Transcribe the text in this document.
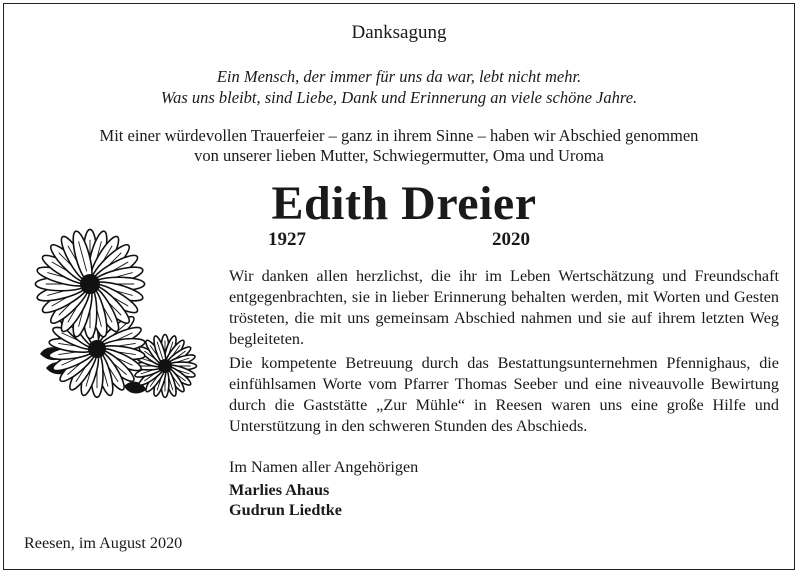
Danksagung
Ein Mensch, der immer für uns da war, lebt nicht mehr.
Was uns bleibt, sind Liebe, Dank und Erinnerung an viele schöne Jahre.
Mit einer würdevollen Trauerfeier – ganz in ihrem Sinne – haben wir Abschied genommen
von unserer lieben Mutter, Schwiegermutter, Oma und Uroma
Edith Dreier
1927	2020

Wir danken allen herzlichst, die ihr im Leben Wertschätzung und Freundschaft entgegenbrachten, sie in lieber Erinnerung behalten werden, mit Worten und Gesten trösteten, die mit uns gemeinsam Abschied nahmen und sie auf ihrem letzten Weg begleiteten.

Die kompetente Betreuung durch das Bestattungsunternehmen Pfennighaus, die einfühlsamen Worte vom Pfarrer Thomas Seeber und eine niveauvolle Bewirtung durch die Gaststätte „Zur Mühle“ in Reesen waren uns eine große Hilfe und Unterstützung in den schweren Stunden des Abschieds.

Im Namen aller Angehörigen
Marlies Ahaus
Gudrun Liedtke
Reesen, im August 2020
